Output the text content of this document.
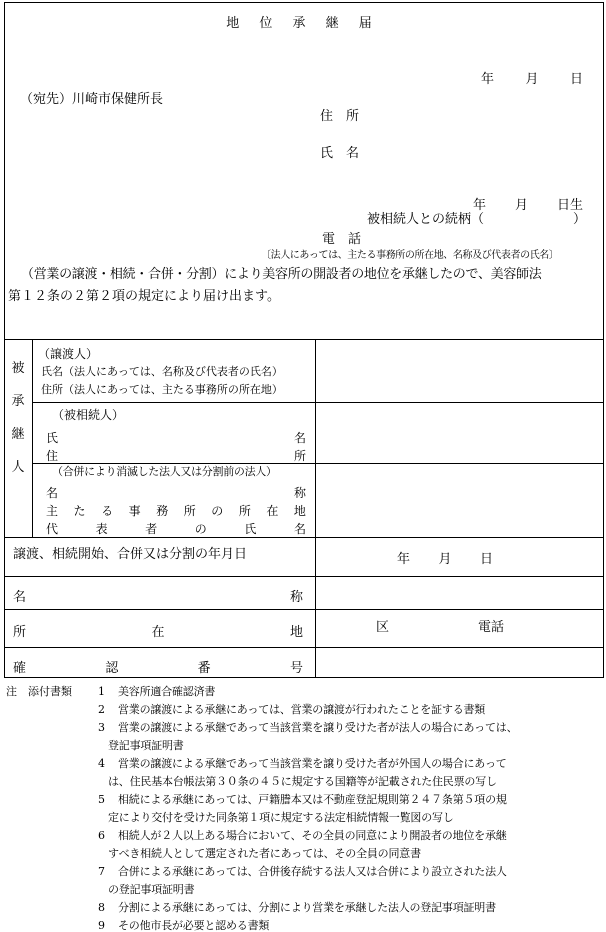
地 位 承 継 届
年 月 日
（宛先）川崎市保健所長
住　所
氏　名
年 月 日生
被相続人との続柄（	）
電　話
〔法人にあっては、主たる事務所の所在地、名称及び代表者の氏名〕
（営業の譲渡・相続・合併・分割）により美容所の開設者の地位を承継したので、美容師法
第１２条の２第２項の規定により届け出ます。
被
承
継
人
（譲渡人）
氏名（法人にあっては、名称及び代表者の氏名）
住所（法人にあっては、主たる事務所の所在地）
（被相続人）
氏	名
住	所
（合併により消滅した法人又は分割前の法人）
名	称
主 た る 事 務 所 の 所 在 地
代	表	者	の	氏	名
譲渡、相続開始、合併又は分割の年月日	年 月 日
名	称
所	在	地	区	電話
確	認	番	号
注　添付書類 1 美容所適合確認済書
2 営業の譲渡による承継にあっては、営業の譲渡が行われたことを証する書類
3 営業の譲渡による承継であって当該営業を譲り受けた者が法人の場合にあっては、
登記事項証明書
4 営業の譲渡による承継であって当該営業を譲り受けた者が外国人の場合にあって
は、住民基本台帳法第３０条の４５に規定する国籍等が記載された住民票の写し
5 相続による承継にあっては、戸籍謄本又は不動産登記規則第２４７条第５項の規
定により交付を受けた同条第１項に規定する法定相続情報一覧図の写し
6 相続人が２人以上ある場合において、その全員の同意により開設者の地位を承継
すべき相続人として選定された者にあっては、その全員の同意書
7 合併による承継にあっては、合併後存続する法人又は合併により設立された法人
の登記事項証明書
8 分割による承継にあっては、分割により営業を承継した法人の登記事項証明書
9 その他市長が必要と認める書類
